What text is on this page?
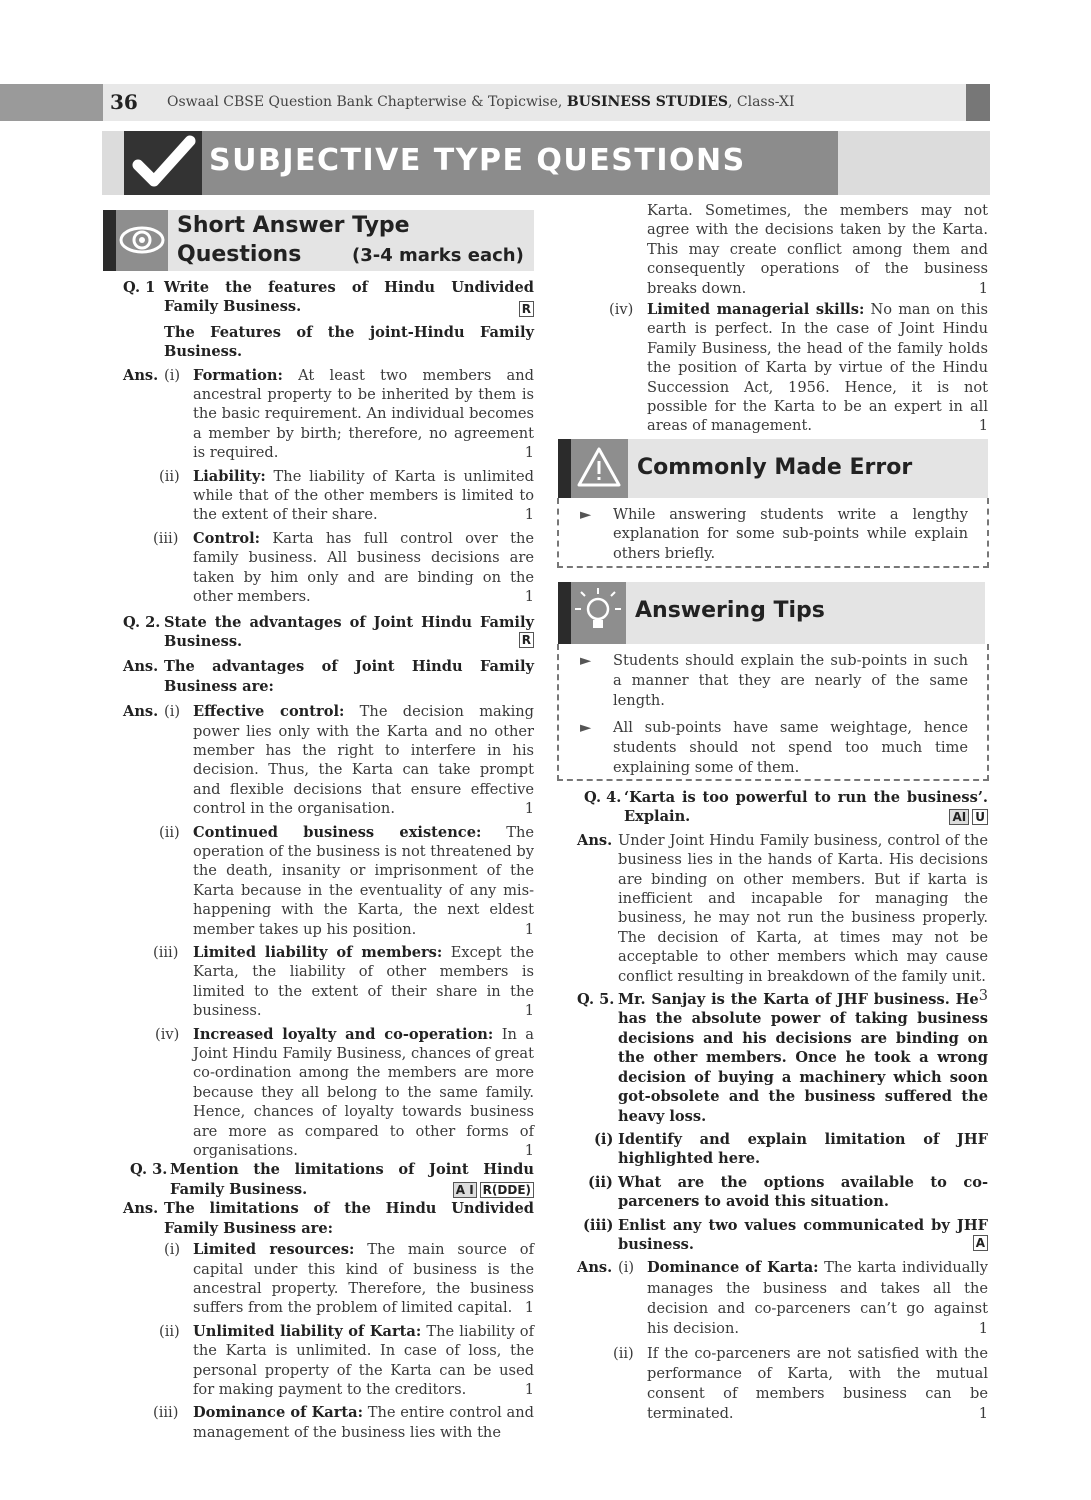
36 Oswaal CBSE Question Bank Chapterwise & Topicwise, BUSINESS STUDIES, Class-XI
SUBJECTIVE TYPE QUESTIONS
Short Answer Type
Questions	(3-4 marks each)
Q. 1 Write the features of Hindu Undivided Family Business.	R
The Features of the joint-Hindu Family Business.
Ans. (i) Formation: At least two members and ancestral property to be inherited by them is the basic requirement. An individual becomes a member by birth; therefore, no agreement is required.	1
(ii) Liability: The liability of Karta is unlimited while that of the other members is limited to the extent of their share.	1
(iii) Control: Karta has full control over the family business. All business decisions are taken by him only and are binding on the other members.	1
Q. 2. State the advantages of Joint Hindu Family Business.	R
Ans. The advantages of Joint Hindu Family Business are:
Ans. (i) Effective control: The decision making power lies only with the Karta and no other member has the right to interfere in his decision. Thus, the Karta can take prompt and flexible decisions that ensure effective control in the organisation.	1
(ii) Continued business existence: The operation of the business is not threatened by the death, insanity or imprisonment of the Karta because in the eventuality of any mis-happening with the Karta, the next eldest member takes up his position.	1
(iii) Limited liability of members: Except the Karta, the liability of other members is limited to the extent of their share in the business.	1
(iv) Increased loyalty and co-operation: In a Joint Hindu Family Business, chances of great co-ordination among the members are more because they all belong to the same family. Hence, chances of loyalty towards business are more as compared to other forms of organisations.	1
Q. 3. Mention the limitations of Joint Hindu Family Business.	A I R(DDE)
Ans. The limitations of the Hindu Undivided Family Business are:
(i) Limited resources: The main source of capital under this kind of business is the ancestral property. Therefore, the business suffers from the problem of limited capital. 1
(ii) Unlimited liability of Karta: The liability of the Karta is unlimited. In case of loss, the personal property of the Karta can be used for making payment to the creditors.	1
(iii) Dominance of Karta: The entire control and management of the business lies with the
Karta. Sometimes, the members may not agree with the decisions taken by the Karta. This may create conflict among them and consequently operations of the business breaks down.	1
(iv) Limited managerial skills: No man on this earth is perfect. In the case of Joint Hindu Family Business, the head of the family holds the position of Karta by virtue of the Hindu Succession Act, 1956. Hence, it is not possible for the Karta to be an expert in all areas of management.	1
Commonly Made Error
► While answering students write a lengthy explanation for some sub-points while explain others briefly.
Answering Tips
► Students should explain the sub-points in such a manner that they are nearly of the same length.
► All sub-points have same weightage, hence students should not spend too much time explaining some of them.
Q. 4. ‘Karta is too powerful to run the business’. Explain.	AI U
Ans. Under Joint Hindu Family business, control of the business lies in the hands of Karta. His decisions are binding on other members. But if karta is inefficient and incapable for managing the business, he may not run the business properly. The decision of Karta, at times may not be acceptable to other members which may cause conflict resulting in breakdown of the family unit.
3
Q. 5. Mr. Sanjay is the Karta of JHF business. He has the absolute power of taking business decisions and his decisions are binding on the other members. Once he took a wrong decision of buying a machinery which soon got-obsolete and the business suffered the heavy loss.
(i) Identify and explain limitation of JHF highlighted here.
(ii) What are the options available to co-parceners to avoid this situation.
(iii) Enlist any two values communicated by JHF business.	A
Ans. (i) Dominance of Karta: The karta individually manages the business and takes all the decision and co-parceners can’t go against his decision.	1
(ii) If the co-parceners are not satisfied with the performance of Karta, with the mutual consent of members business can be terminated.	1
